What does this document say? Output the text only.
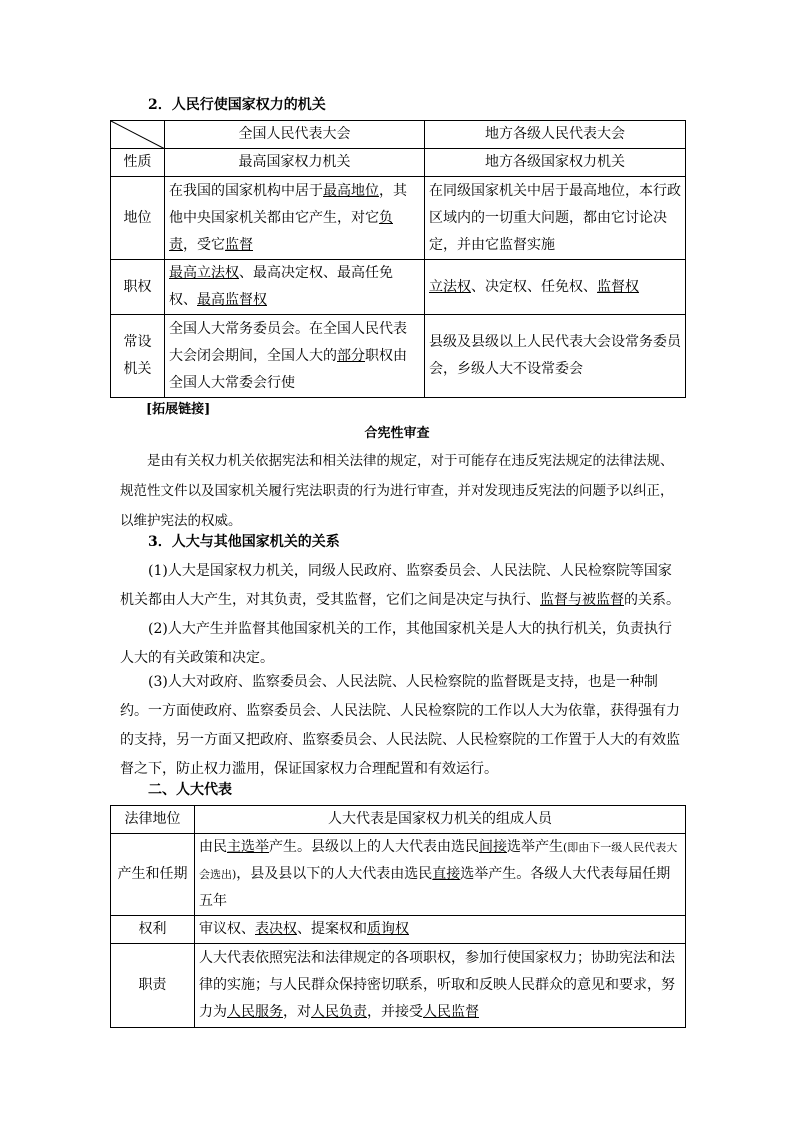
2．人民行使国家权力的机关
	全国人民代表大会	地方各级人民代表大会
性质	最高国家权力机关	地方各级国家权力机关
地位	在我国的国家机构中居于最高地位，其他中央国家机关都由它产生，对它负责，受它监督	在同级国家机关中居于最高地位，本行政区域内的一切重大问题，都由它讨论决定，并由它监督实施
职权	最高立法权、最高决定权、最高任免权、最高监督权	立法权、决定权、任免权、监督权
常设
机关	全国人大常务委员会。在全国人民代表大会闭会期间，全国人大的部分职权由全国人大常委会行使	县级及县级以上人民代表大会设常务委员会，乡级人大不设常委会
[拓展链接]
合宪性审查
是由有关权力机关依据宪法和相关法律的规定，对于可能存在违反宪法规定的法律法规、规范性文件以及国家机关履行宪法职责的行为进行审查，并对发现违反宪法的问题予以纠正，以维护宪法的权威。
3．人大与其他国家机关的关系
(1)人大是国家权力机关，同级人民政府、监察委员会、人民法院、人民检察院等国家机关都由人大产生，对其负责，受其监督，它们之间是决定与执行、监督与被监督的关系。
(2)人大产生并监督其他国家机关的工作，其他国家机关是人大的执行机关，负责执行人大的有关政策和决定。
(3)人大对政府、监察委员会、人民法院、人民检察院的监督既是支持，也是一种制约。一方面使政府、监察委员会、人民法院、人民检察院的工作以人大为依靠，获得强有力的支持，另一方面又把政府、监察委员会、人民法院、人民检察院的工作置于人大的有效监督之下，防止权力滥用，保证国家权力合理配置和有效运行。
二、人大代表
法律地位	人大代表是国家权力机关的组成人员
产生和任期	由民主选举产生。县级以上的人大代表由选民间接选举产生(即由下一级人民代表大会选出)，县及县以下的人大代表由选民直接选举产生。各级人大代表每届任期五年
权利	审议权、表决权、提案权和质询权
职责	人大代表依照宪法和法律规定的各项职权，参加行使国家权力；协助宪法和法律的实施；与人民群众保持密切联系，听取和反映人民群众的意见和要求，努力为人民服务，对人民负责，并接受人民监督
